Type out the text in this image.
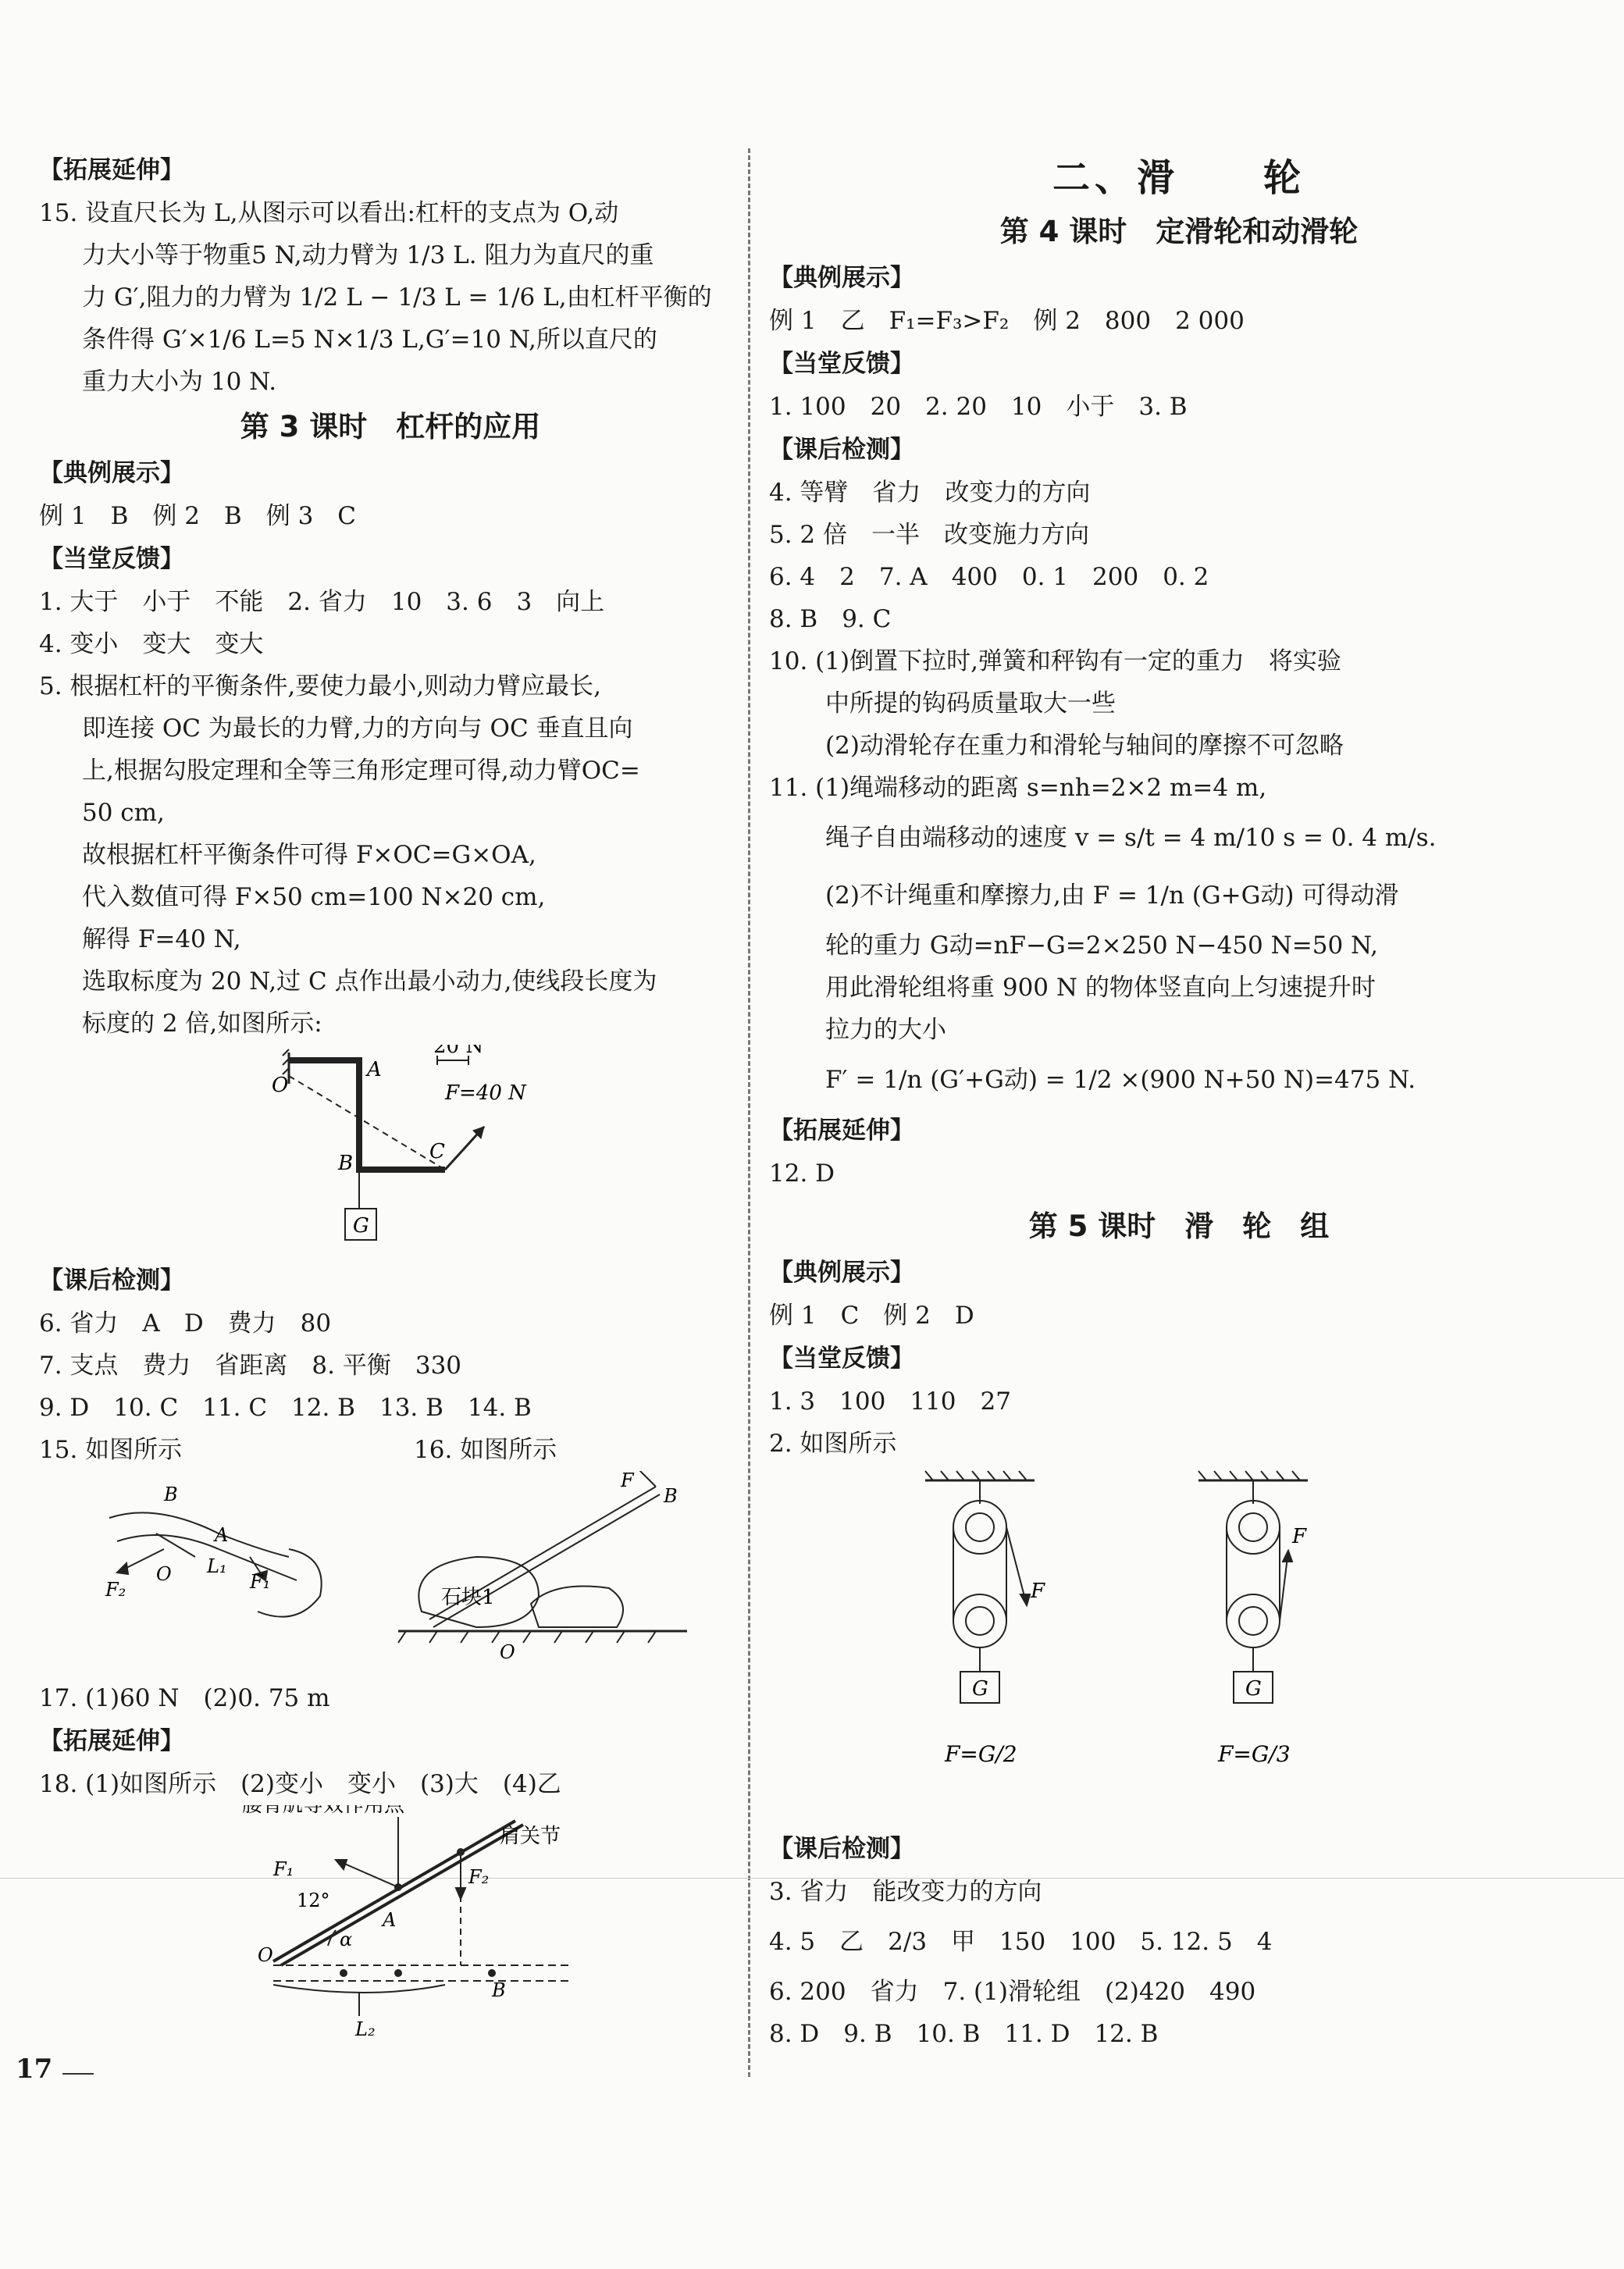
【拓展延伸】
15. 设直尺长为 L,从图示可以看出:杠杆的支点为 O,动
力大小等于物重5 N,动力臂为 1/3 L. 阻力为直尺的重
力 G′,阻力的力臂为 1/2 L − 1/3 L = 1/6 L,由杠杆平衡的
条件得 G′×1/6 L=5 N×1/3 L,G′=10 N,所以直尺的
重力大小为 10 N.
第 3 课时　杠杆的应用
【典例展示】
例 1　B　例 2　B　例 3　C
【当堂反馈】
1. 大于　小于　不能　2. 省力　10　3. 6　3　向上
4. 变小　变大　变大
5. 根据杠杆的平衡条件,要使力最小,则动力臂应最长,
即连接 OC 为最长的力臂,力的方向与 OC 垂直且向
上,根据勾股定理和全等三角形定理可得,动力臂OC=
50 cm,
故根据杠杆平衡条件可得 F×OC=G×OA,
代入数值可得 F×50 cm=100 N×20 cm,
解得 F=40 N,
选取标度为 20 N,过 C 点作出最小动力,使线段长度为
标度的 2 倍,如图所示:
20 N
F=40 N
A
O
B	C
G
【课后检测】
6. 省力　A　D　费力　80
7. 支点　费力　省距离　8. 平衡　330
9. D　10. C　11. C　12. B　13. B　14. B
15. 如图所示	16. 如图所示
B
A
O L₁
F₁
F₂	石块1
F
B
O
17. (1)60 N　(2)0. 75 m
【拓展延伸】
18. (1)如图所示　(2)变小　变小　(3)大　(4)乙
腰背肌等效作用点
肩关节
F₁	F₂
12°
α
O
A
B
L₂
二、滑　　轮
第 4 课时　定滑轮和动滑轮
【典例展示】
例 1　乙　F₁=F₃>F₂　例 2　800　2 000
【当堂反馈】
1. 100　20　2. 20　10　小于　3. B
【课后检测】
4. 等臂　省力　改变力的方向
5. 2 倍　一半　改变施力方向
6. 4　2　7. A　400　0. 1　200　0. 2
8. B　9. C
10. (1)倒置下拉时,弹簧和秤钩有一定的重力　将实验
中所提的钩码质量取大一些
(2)动滑轮存在重力和滑轮与轴间的摩擦不可忽略
11. (1)绳端移动的距离 s=nh=2×2 m=4 m,
绳子自由端移动的速度 v = s/t = 4 m/10 s = 0. 4 m/s.
(2)不计绳重和摩擦力,由 F = 1/n (G+G动) 可得动滑
轮的重力 G动=nF−G=2×250 N−450 N=50 N,
用此滑轮组将重 900 N 的物体竖直向上匀速提升时
拉力的大小
F′ = 1/n (G′+G动) = 1/2 ×(900 N+50 N)=475 N.
【拓展延伸】
12. D
第 5 课时　滑　轮　组
【典例展示】
例 1　C　例 2　D
【当堂反馈】
1. 3　100　110　27
2. 如图所示
F
G
F=G/2
F
G
F=G/3
【课后检测】
3. 省力　能改变力的方向
4. 5　乙　2/3　甲　150　100　5. 12. 5　4
6. 200　省力　7. (1)滑轮组　(2)420　490
8. D　9. B　10. B　11. D　12. B
17
